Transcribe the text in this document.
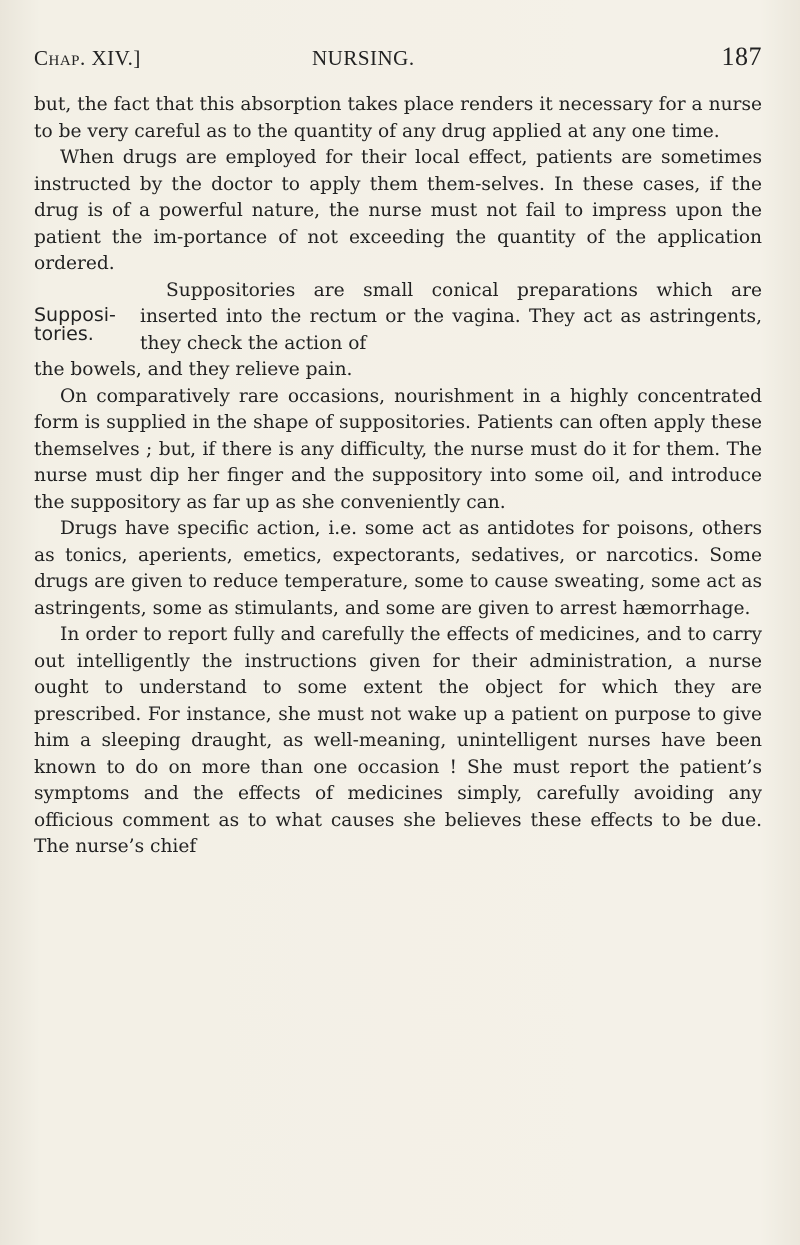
Chap. XIV.]	NURSING.	187

but, the fact that this absorption takes place renders it necessary for a nurse to be very careful as to the quantity of any drug applied at any one time.

When drugs are employed for their local effect, patients are sometimes instructed by the doctor to apply them them-selves. In these cases, if the drug is of a powerful nature, the nurse must not fail to impress upon the patient the im-portance of not exceeding the quantity of the application ordered.

Supposi-tories.
Suppositories are small conical preparations which are inserted into the rectum or the vagina. They act as astringents, they check the action of

the bowels, and they relieve pain.

On comparatively rare occasions, nourishment in a highly concentrated form is supplied in the shape of suppositories. Patients can often apply these themselves ; but, if there is any difficulty, the nurse must do it for them. The nurse must dip her finger and the suppository into some oil, and introduce the suppository as far up as she conveniently can.

Drugs have specific action, i.e. some act as antidotes for poisons, others as tonics, aperients, emetics, expectorants, sedatives, or narcotics. Some drugs are given to reduce temperature, some to cause sweating, some act as astringents, some as stimulants, and some are given to arrest hæmorrhage.

In order to report fully and carefully the effects of medicines, and to carry out intelligently the instructions given for their administration, a nurse ought to understand to some extent the object for which they are prescribed. For instance, she must not wake up a patient on purpose to give him a sleeping draught, as well-meaning, unintelligent nurses have been known to do on more than one occasion ! She must report the patient’s symptoms and the effects of medicines simply, carefully avoiding any officious comment as to what causes she believes these effects to be due. The nurse’s chief
